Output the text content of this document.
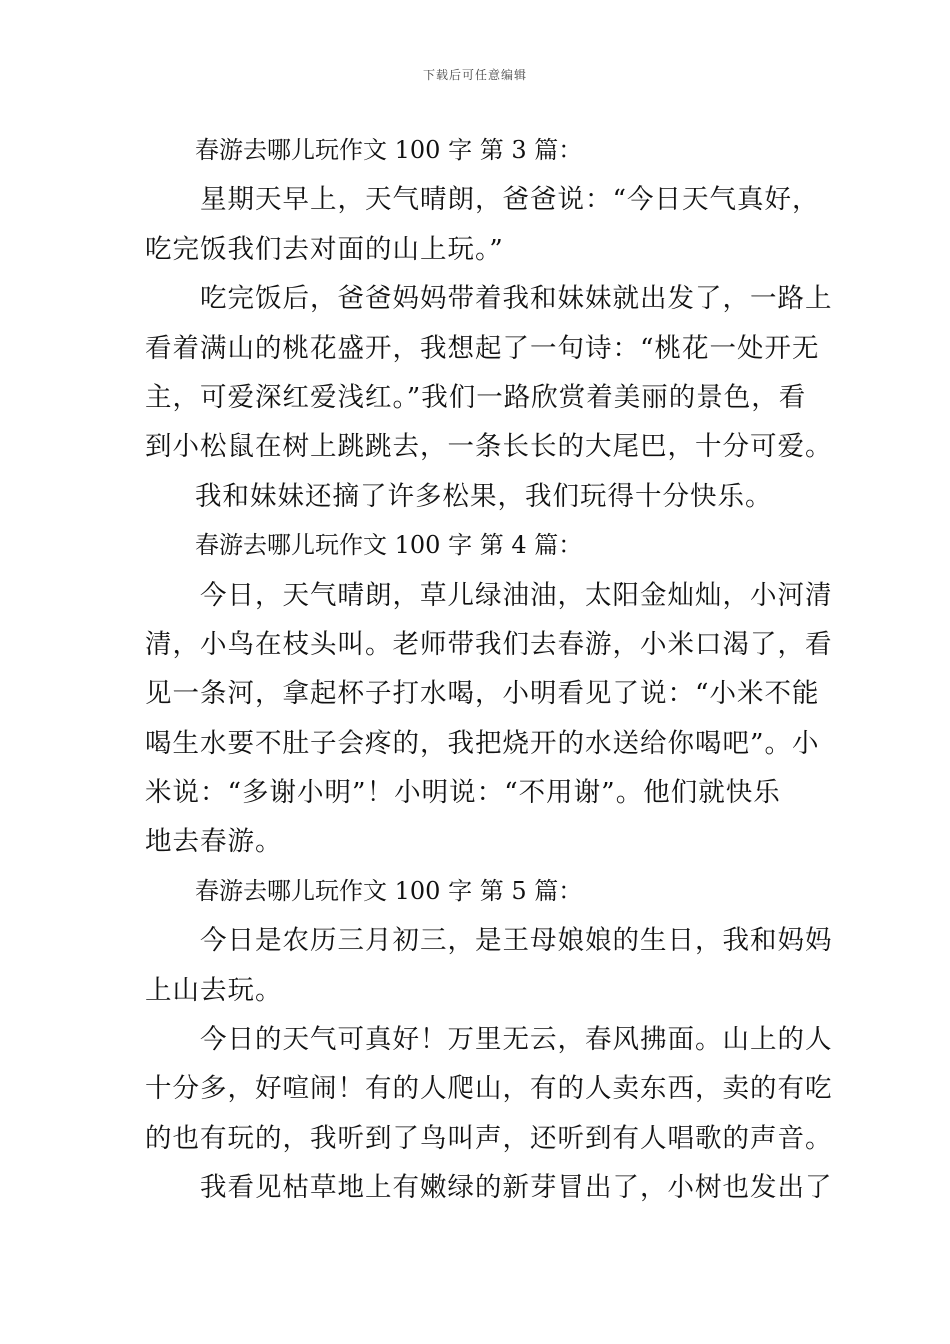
下载后可任意编辑
春游去哪儿玩作文 100 字 第 3 篇：
星期天早上，天气晴朗，爸爸说：“今日天气真好，
吃完饭我们去对面的山上玩。”
吃完饭后，爸爸妈妈带着我和妹妹就出发了，一路上
看着满山的桃花盛开，我想起了一句诗：“桃花一处开无
主，可爱深红爱浅红。”我们一路欣赏着美丽的景色，看
到小松鼠在树上跳跳去，一条长长的大尾巴，十分可爱。
我和妹妹还摘了许多松果，我们玩得十分快乐。
春游去哪儿玩作文 100 字 第 4 篇：
今日，天气晴朗，草儿绿油油，太阳金灿灿，小河清
清，小鸟在枝头叫。老师带我们去春游，小米口渴了，看
见一条河，拿起杯子打水喝，小明看见了说：“小米不能
喝生水要不肚子会疼的，我把烧开的水送给你喝吧”。小
米说：“多谢小明”！小明说：“不用谢”。他们就快乐
地去春游。
春游去哪儿玩作文 100 字 第 5 篇：
今日是农历三月初三，是王母娘娘的生日，我和妈妈
上山去玩。
今日的天气可真好！万里无云，春风拂面。山上的人
十分多，好喧闹！有的人爬山，有的人卖东西，卖的有吃
的也有玩的，我听到了鸟叫声，还听到有人唱歌的声音。
我看见枯草地上有嫩绿的新芽冒出了，小树也发出了
